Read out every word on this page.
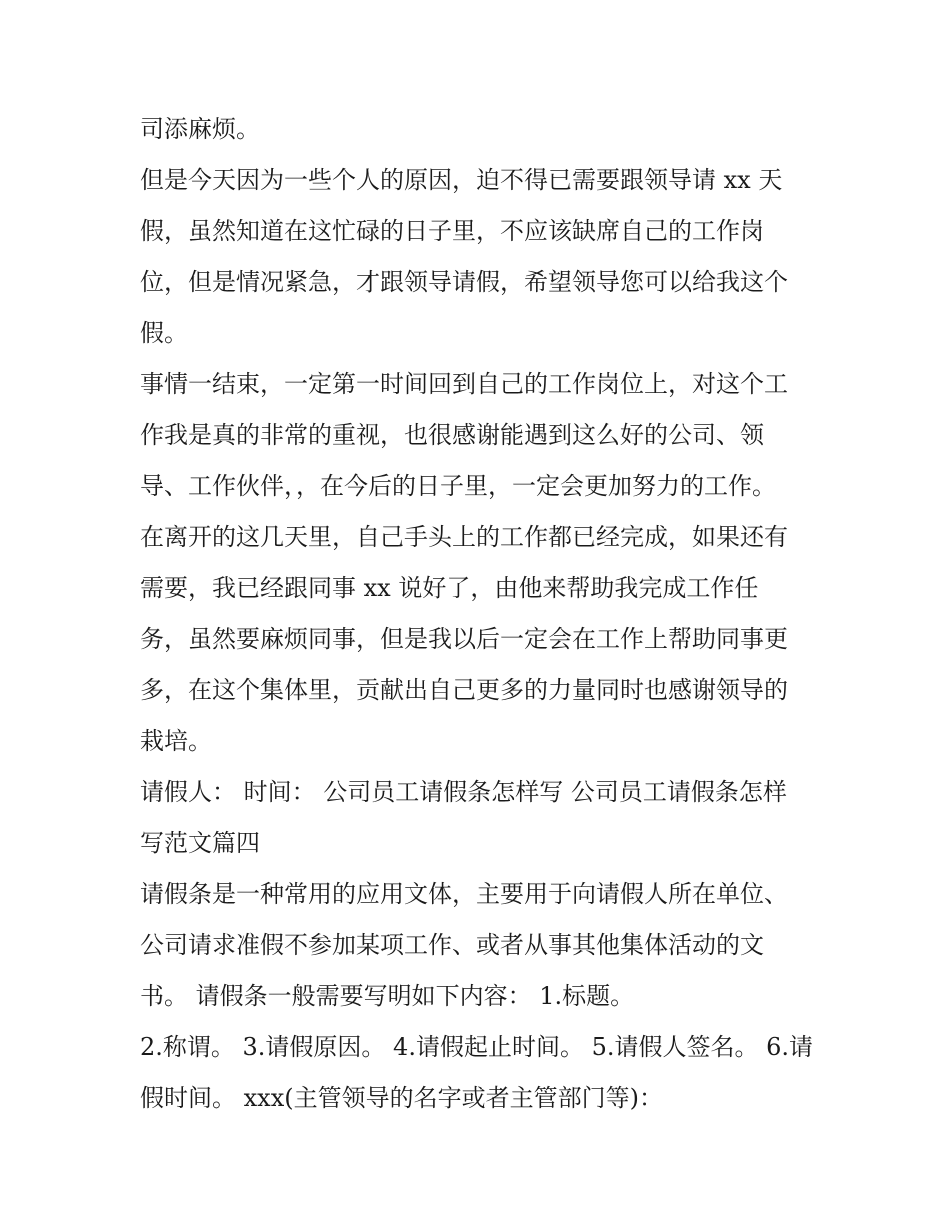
司添麻烦。
但是今天因为一些个人的原因，迫不得已需要跟领导请 xx 天
假，虽然知道在这忙碌的日子里，不应该缺席自己的工作岗
位，但是情况紧急，才跟领导请假，希望领导您可以给我这个
假。
事情一结束，一定第一时间回到自己的工作岗位上，对这个工
作我是真的非常的重视，也很感谢能遇到这么好的公司、领
导、工作伙伴，，在今后的日子里，一定会更加努力的工作。
在离开的这几天里，自己手头上的工作都已经完成，如果还有
需要，我已经跟同事 xx 说好了，由他来帮助我完成工作任
务，虽然要麻烦同事，但是我以后一定会在工作上帮助同事更
多，在这个集体里，贡献出自己更多的力量同时也感谢领导的
栽培。
请假人： 时间： 公司员工请假条怎样写 公司员工请假条怎样
写范文篇四
请假条是一种常用的应用文体，主要用于向请假人所在单位、
公司请求准假不参加某项工作、或者从事其他集体活动的文
书。 请假条一般需要写明如下内容： 1.标题。
2.称谓。 3.请假原因。 4.请假起止时间。 5.请假人签名。 6.请
假时间。 xxx(主管领导的名字或者主管部门等)：
